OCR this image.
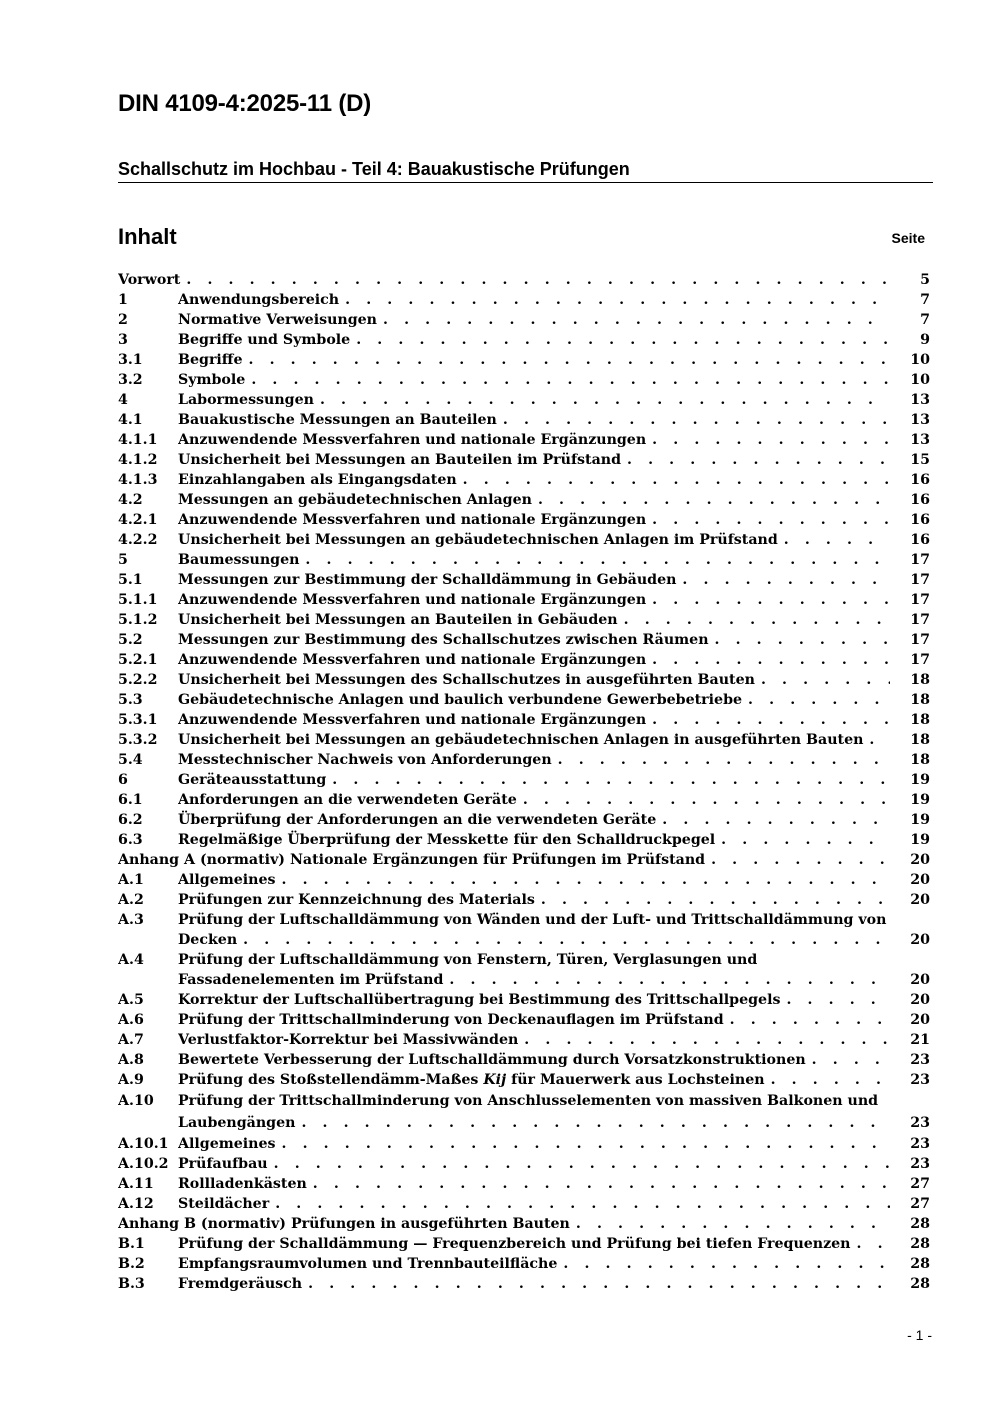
DIN 4109-4:2025-11 (D)
Schallschutz im Hochbau - Teil 4: Bauakustische Prüfungen
Inhalt	Seite
Vorwort . . .	5
1	Anwendungsbereich . . .	7
2	Normative Verweisungen . . .	7
3	Begriffe und Symbole . . .	9
3.1	Begriffe . . .	10
3.2	Symbole . . .	10
4	Labormessungen . . .	13
4.1	Bauakustische Messungen an Bauteilen . . .	13
4.1.1	Anzuwendende Messverfahren und nationale Ergänzungen . . .	13
4.1.2	Unsicherheit bei Messungen an Bauteilen im Prüfstand . . .	15
4.1.3	Einzahlangaben als Eingangsdaten . . .	16
4.2	Messungen an gebäudetechnischen Anlagen . . .	16
4.2.1	Anzuwendende Messverfahren und nationale Ergänzungen . . .	16
4.2.2	Unsicherheit bei Messungen an gebäudetechnischen Anlagen im Prüfstand . . .	16
5	Baumessungen . . .	17
5.1	Messungen zur Bestimmung der Schalldämmung in Gebäuden . . .	17
5.1.1	Anzuwendende Messverfahren und nationale Ergänzungen . . .	17
5.1.2	Unsicherheit bei Messungen an Bauteilen in Gebäuden . . .	17
5.2	Messungen zur Bestimmung des Schallschutzes zwischen Räumen . . .	17
5.2.1	Anzuwendende Messverfahren und nationale Ergänzungen . . .	17
5.2.2	Unsicherheit bei Messungen des Schallschutzes in ausgeführten Bauten . . .	18
5.3	Gebäudetechnische Anlagen und baulich verbundene Gewerbebetriebe . . .	18
5.3.1	Anzuwendende Messverfahren und nationale Ergänzungen . . .	18
5.3.2	Unsicherheit bei Messungen an gebäudetechnischen Anlagen in ausgeführten Bauten . . .	18
5.4	Messtechnischer Nachweis von Anforderungen . . .	18
6	Geräteausstattung . . .	19
6.1	Anforderungen an die verwendeten Geräte . . .	19
6.2	Überprüfung der Anforderungen an die verwendeten Geräte . . .	19
6.3	Regelmäßige Überprüfung der Messkette für den Schalldruckpegel . . .	19
Anhang A (normativ) Nationale Ergänzungen für Prüfungen im Prüfstand . . .	20
A.1	Allgemeines . . .	20
A.2	Prüfungen zur Kennzeichnung des Materials . . .	20
A.3	Prüfung der Luftschalldämmung von Wänden und der Luft- und Trittschalldämmung von
Decken . . .	20
A.4	Prüfung der Luftschalldämmung von Fenstern, Türen, Verglasungen und
Fassadenelementen im Prüfstand . . .	20
A.5	Korrektur der Luftschallübertragung bei Bestimmung des Trittschallpegels . . .	20
A.6	Prüfung der Trittschallminderung von Deckenauflagen im Prüfstand . . .	20
A.7	Verlustfaktor-Korrektur bei Massivwänden . . .	21
A.8	Bewertete Verbesserung der Luftschalldämmung durch Vorsatzkonstruktionen . . .	23
A.9	Prüfung des Stoßstellendämm-Maßes Kij für Mauerwerk aus Lochsteinen . . .	23
A.10	Prüfung der Trittschallminderung von Anschlusselementen von massiven Balkonen und
Laubengängen . . .	23
A.10.1 Allgemeines . . .	23
A.10.2 Prüfaufbau . . .	23
A.11	Rollladenkästen . . .	27
A.12	Steildächer . . .	27
Anhang B (normativ) Prüfungen in ausgeführten Bauten . . .	28
B.1	Prüfung der Schalldämmung — Frequenzbereich und Prüfung bei tiefen Frequenzen . . .	28
B.2	Empfangsraumvolumen und Trennbauteilfläche . . .	28
B.3	Fremdgeräusch . . .	28
- 1 -
